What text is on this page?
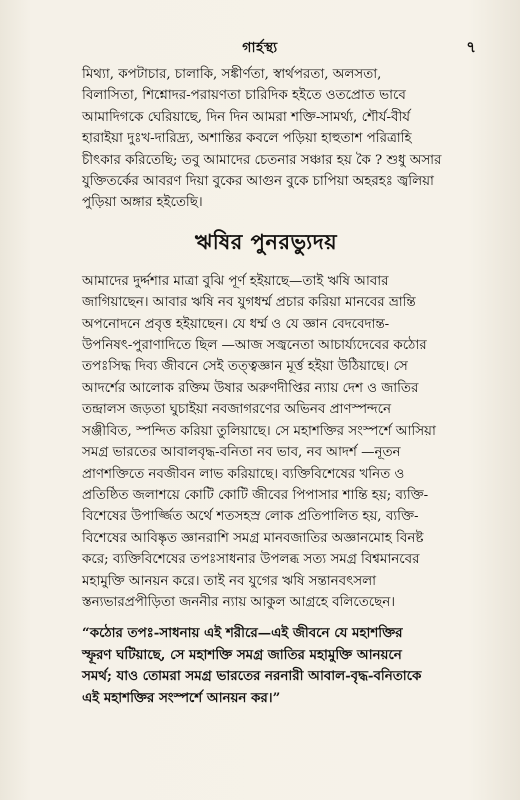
গার্হস্থ্য	৭

মিথ্যা, কপটাচার, চালাকি, সঙ্কীর্ণতা, স্বার্থপরতা, অলসতা,
বিলাসিতা, শিশ্নোদর-পরায়ণতা চারিদিক হইতে ওতপ্রোত ভাবে
আমাদিগকে ঘেরিয়াছে, দিন দিন আমরা শক্তি-সামর্থ্য, শৌর্য-বীর্য
হারাইয়া দুঃখ-দারিদ্র্য, অশান্তির কবলে পড়িয়া হাহুতাশ পরিত্রাহি
চীৎকার করিতেছি; তবু আমাদের চেতনার সঞ্চার হয় কৈ ? শুধু অসার
যুক্তিতর্কের আবরণ দিয়া বুকের আগুন বুকে চাপিয়া অহরহঃ জ্বলিয়া
পুড়িয়া অঙ্গার হইতেছি।

ঋষির পুনরভ্যুদয়

আমাদের দুর্দ্দশার মাত্রা বুঝি পূর্ণ হইয়াছে—তাই ঋষি আবার
জাগিয়াছেন। আবার ঋষি নব যুগধর্ম্ম প্রচার করিয়া মানবের ভ্রান্তি
অপনোদনে প্রবৃত্ত হইয়াছেন। যে ধর্ম্ম ও যে জ্ঞান বেদবেদান্ত-
উপনিষৎ-পুরাণাদিতে ছিল —আজ সজ্বনেতা আচার্য্যদেবের কঠোর
তপঃসিদ্ধ দিব্য জীবনে সেই তত্ত্বজ্ঞান মূর্ত্ত হইয়া উঠিয়াছে। সে
আদর্শের আলোক রক্তিম উষার অরুণদীপ্তির ন্যায় দেশ ও জাতির
তন্দ্রালস জড়তা ঘুচাইয়া নবজাগরণের অভিনব প্রাণস্পন্দনে
সঞ্জীবিত, স্পন্দিত করিয়া তুলিয়াছে। সে মহাশক্তির সংস্পর্শে আসিয়া
সমগ্র ভারতের আবালবৃদ্ধ-বনিতা নব ভাব, নব আদর্শ —নূতন
প্রাণশক্তিতে নবজীবন লাভ করিয়াছে। ব্যক্তিবিশেষের খনিত ও
প্রতিষ্ঠিত জলাশয়ে কোটি কোটি জীবের পিপাসার শান্তি হয়; ব্যক্তি-
বিশেষের উপার্জ্জিত অর্থে শতসহস্র লোক প্রতিপালিত হয়, ব্যক্তি-
বিশেষের আবিষ্কৃত জ্ঞানরাশি সমগ্র মানবজাতির অজ্ঞানমোহ বিনষ্ট
করে; ব্যক্তিবিশেষের তপঃসাধনার উপলব্ধ সত্য সমগ্র বিশ্বমানবের
মহামুক্তি আনয়ন করে। তাই নব যুগের ঋষি সন্তানবৎসলা
স্তন্যভারপ্রপীড়িতা জননীর ন্যায় আকুল আগ্রহে বলিতেছেন।

“কঠোর তপঃ-সাধনায় এই শরীরে—এই জীবনে যে মহাশক্তির
স্ফূরণ ঘটিয়াছে, সে মহাশক্তি সমগ্র জাতির মহামুক্তি আনয়নে
সমর্থ; যাও তোমরা সমগ্র ভারতের নরনারী আবাল-বৃদ্ধ-বনিতাকে
এই মহাশক্তির সংস্পর্শে আনয়ন কর।”
